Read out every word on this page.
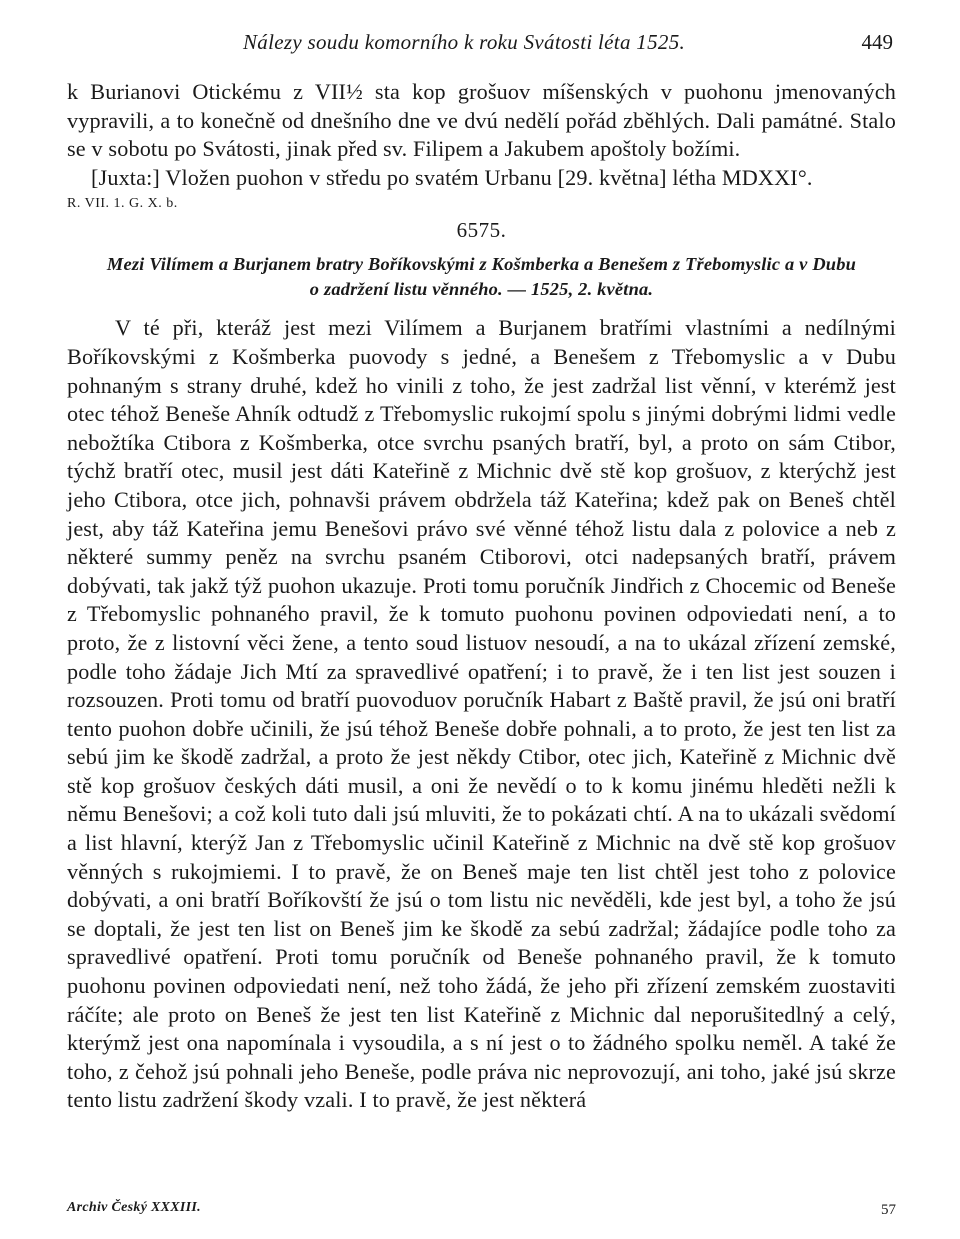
Nálezy soudu komorního k roku Svátosti léta 1525.	449

k Burianovi Otickému z VII½ sta kop grošuov míšenských v puohonu jmenovaných vypravili, a to konečně od dnešního dne ve dvú nedělí pořád zběhlých. Dali památné. Stalo se v sobotu po Svátosti, jinak před sv. Filipem a Jakubem apoštoly božími.

[Juxta:] Vložen puohon v středu po svatém Urbanu [29. května] létha MDXXI°.

R. VII. 1. G. X. b.
6575.
Mezi Vilímem a Burjanem bratry Boříkovskými z Košmberka a Benešem z Třebomyslic a v Dubu
o zadržení listu věnného. — 1525, 2. května.

V té při, kteráž jest mezi Vilímem a Burjanem bratřími vlastními a nedílnými Boříkovskými z Košmberka puovody s jedné, a Benešem z Třebomyslic a v Dubu pohnaným s strany druhé, kdež ho vinili z toho, že jest zadržal list věnní, v kterémž jest otec téhož Beneše Ahník odtudž z Třebomyslic rukojmí spolu s jinými dobrými lidmi vedle nebožtíka Ctibora z Košmberka, otce svrchu psaných bratří, byl, a proto on sám Ctibor, týchž bratří otec, musil jest dáti Kateřině z Michnic dvě stě kop grošuov, z kterýchž jest jeho Ctibora, otce jich, pohnavši právem obdržela táž Kateřina; kdež pak on Beneš chtěl jest, aby táž Kateřina jemu Benešovi právo své věnné téhož listu dala z polovice a neb z některé summy peněz na svrchu psaném Ctiborovi, otci nadepsaných bratří, právem dobývati, tak jakž týž puohon ukazuje. Proti tomu poručník Jindřich z Chocemic od Beneše z Třebomyslic pohnaného pravil, že k tomuto puohonu povinen odpoviedati není, a to proto, že z listovní věci žene, a tento soud listuov nesoudí, a na to ukázal zřízení zemské, podle toho žádaje Jich Mtí za spravedlivé opatření; i to pravě, že i ten list jest souzen i rozsouzen. Proti tomu od bratří puovoduov poručník Habart z Baště pravil, že jsú oni bratří tento puohon dobře učinili, že jsú téhož Beneše dobře pohnali, a to proto, že jest ten list za sebú jim ke škodě zadržal, a proto že jest někdy Ctibor, otec jich, Kateřině z Michnic dvě stě kop grošuov českých dáti musil, a oni že nevědí o to k komu jinému hleděti nežli k němu Benešovi; a což koli tuto dali jsú mluviti, že to pokázati chtí. A na to ukázali svědomí a list hlavní, kterýž Jan z Třebomyslic učinil Kateřině z Michnic na dvě stě kop grošuov věnných s rukojmiemi. I to pravě, že on Beneš maje ten list chtěl jest toho z polovice dobývati, a oni bratří Boříkovští že jsú o tom listu nic nevěděli, kde jest byl, a toho že jsú se doptali, že jest ten list on Beneš jim ke škodě za sebú zadržal; žádajíce podle toho za spravedlivé opatření. Proti tomu poručník od Beneše pohnaného pravil, že k tomuto puohonu povinen odpoviedati není, než toho žádá, že jeho při zřízení zemském zuostaviti ráčíte; ale proto on Beneš že jest ten list Kateřině z Michnic dal neporušitedlný a celý, kterýmž jest ona napomínala i vysoudila, a s ní jest o to žádného spolku neměl. A také že toho, z čehož jsú pohnali jeho Beneše, podle práva nic neprovozují, ani toho, jaké jsú skrze tento listu zadržení škody vzali. I to pravě, že jest některá

Archiv Český XXXIII.	57
